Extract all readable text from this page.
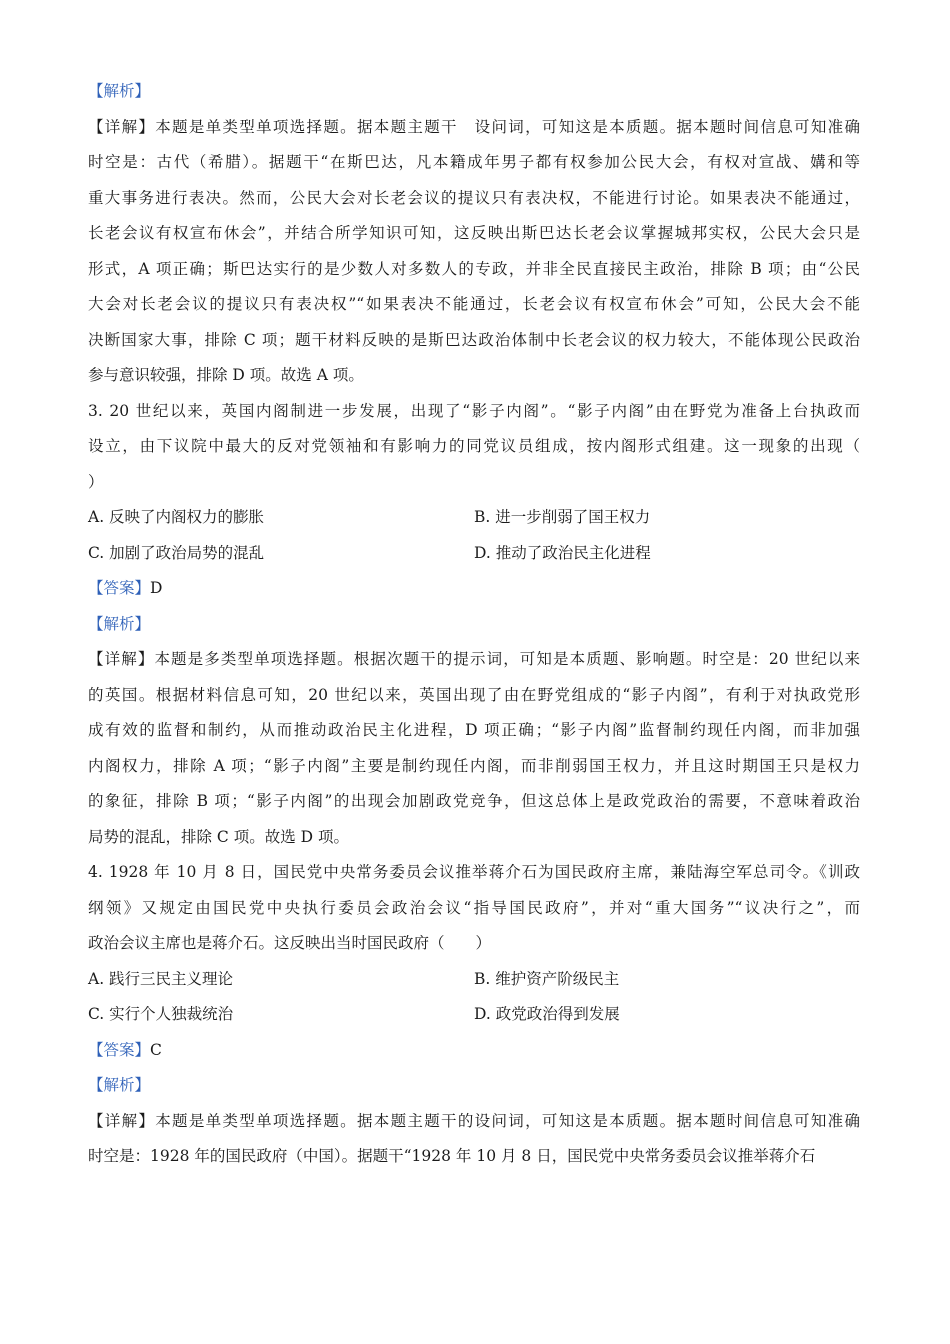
【解析】
【详解】本题是单类型单项选择题。据本题主题干　设问词，可知这是本质题。据本题时间信息可知准确
时空是：古代（希腊）。据题干“在斯巴达，凡本籍成年男子都有权参加公民大会，有权对宣战、媾和等
重大事务进行表决。然而，公民大会对长老会议的提议只有表决权，不能进行讨论。如果表决不能通过，
长老会议有权宣布休会”，并结合所学知识可知，这反映出斯巴达长老会议掌握城邦实权，公民大会只是
形式，A 项正确；斯巴达实行的是少数人对多数人的专政，并非全民直接民主政治，排除 B 项；由“公民
大会对长老会议的提议只有表决权”“如果表决不能通过，长老会议有权宣布休会”可知，公民大会不能
决断国家大事，排除 C 项；题干材料反映的是斯巴达政治体制中长老会议的权力较大，不能体现公民政治
参与意识较强，排除 D 项。故选 A 项。
3. 20 世纪以来，英国内阁制进一步发展，出现了“影子内阁”。“影子内阁”由在野党为准备上台执政而
设立，由下议院中最大的反对党领袖和有影响力的同党议员组成，按内阁形式组建。这一现象的出现（
）
A. 反映了内阁权力的膨胀	B. 进一步削弱了国王权力
C. 加剧了政治局势的混乱	D. 推动了政治民主化进程
【答案】D
【解析】
【详解】本题是多类型单项选择题。根据次题干的提示词，可知是本质题、影响题。时空是：20 世纪以来
的英国。根据材料信息可知，20 世纪以来，英国出现了由在野党组成的“影子内阁”，有利于对执政党形
成有效的监督和制约，从而推动政治民主化进程，D 项正确；“影子内阁”监督制约现任内阁，而非加强
内阁权力，排除 A 项；“影子内阁”主要是制约现任内阁，而非削弱国王权力，并且这时期国王只是权力
的象征，排除 B 项；“影子内阁”的出现会加剧政党竞争，但这总体上是政党政治的需要，不意味着政治
局势的混乱，排除 C 项。故选 D 项。
4. 1928 年 10 月 8 日，国民党中央常务委员会议推举蒋介石为国民政府主席，兼陆海空军总司令。《训政
纲领》又规定由国民党中央执行委员会政治会议“指导国民政府”，并对“重大国务”“议决行之”，而
政治会议主席也是蒋介石。这反映出当时国民政府（　　）
A. 践行三民主义理论	B. 维护资产阶级民主
C. 实行个人独裁统治	D. 政党政治得到发展
【答案】C
【解析】
【详解】本题是单类型单项选择题。据本题主题干的设问词，可知这是本质题。据本题时间信息可知准确
时空是：1928 年的国民政府（中国）。据题干“1928 年 10 月 8 日，国民党中央常务委员会议推举蒋介石
